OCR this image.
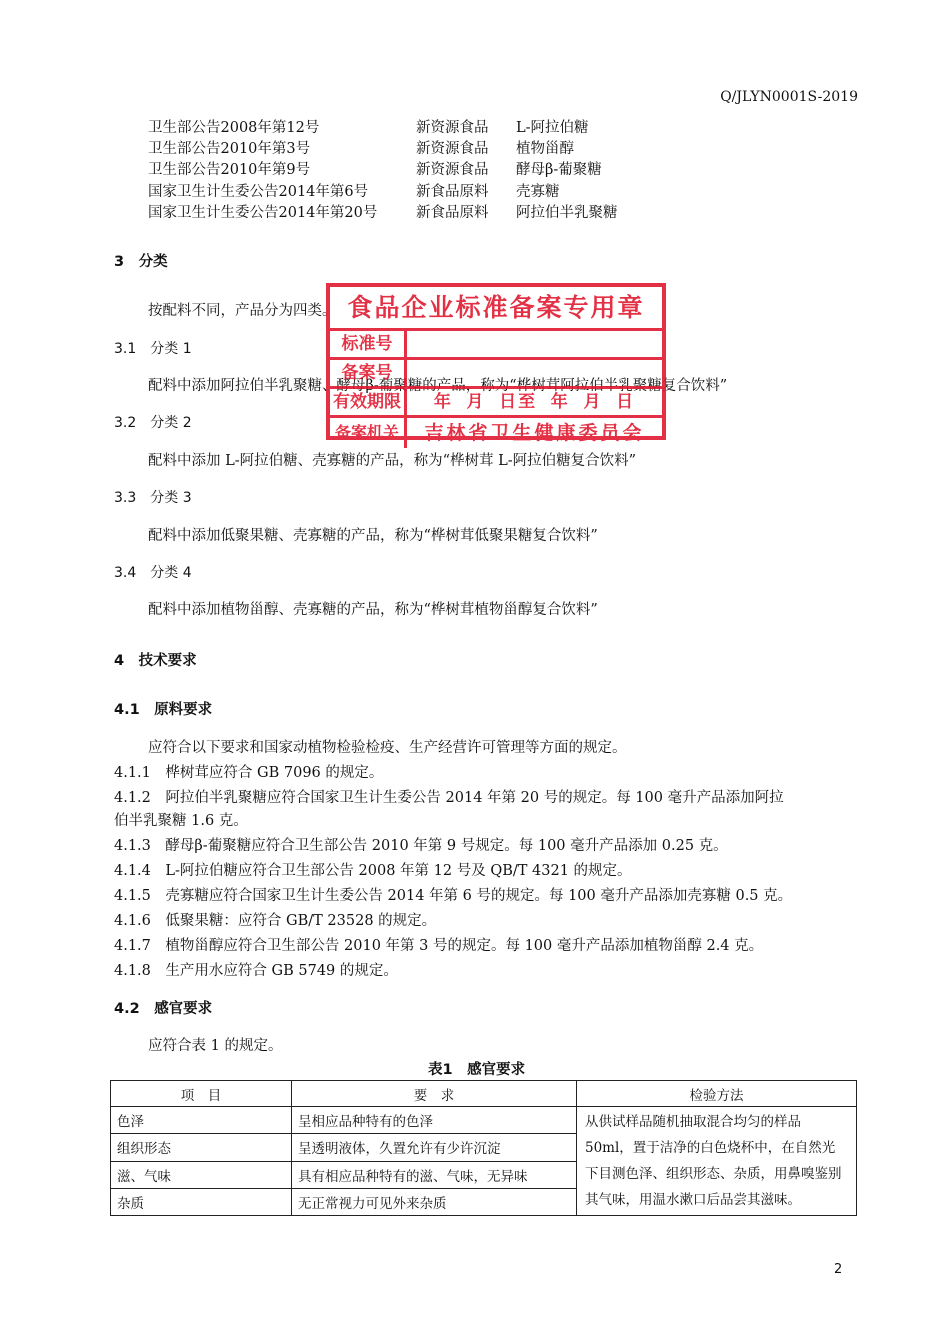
Q/JLYN0001S-2019
卫生部公告2008年第12号	新资源食品 L-阿拉伯糖
卫生部公告2010年第3号	新资源食品 植物甾醇
卫生部公告2010年第9号	新资源食品 酵母β-葡聚糖
国家卫生计生委公告2014年第6号	新食品原料 壳寡糖
国家卫生计生委公告2014年第20号	新食品原料 阿拉伯半乳聚糖
3　 分类
按配料不同，产品分为四类。
3.1　 分类 1
配料中添加阿拉伯半乳聚糖、酵母β-葡聚糖的产品，称为“桦树茸阿拉伯半乳聚糖复合饮料”
3.2　 分类 2
配料中添加 L-阿拉伯糖、壳寡糖的产品，称为“桦树茸 L-阿拉伯糖复合饮料”
3.3　 分类 3
配料中添加低聚果糖、壳寡糖的产品，称为“桦树茸低聚果糖复合饮料”
3.4　 分类 4
配料中添加植物甾醇、壳寡糖的产品，称为“桦树茸植物甾醇复合饮料”
4　 技术要求
4.1　 原料要求
应符合以下要求和国家动植物检验检疫、生产经营许可管理等方面的规定。
4.1.1　 桦树茸应符合 GB 7096 的规定。
4.1.2　 阿拉伯半乳聚糖应符合国家卫生计生委公告 2014 年第 20 号的规定。每 100 毫升产品添加阿拉
伯半乳聚糖 1.6 克。
4.1.3　 酵母β-葡聚糖应符合卫生部公告 2010 年第 9 号规定。每 100 毫升产品添加 0.25 克。
4.1.4　 L-阿拉伯糖应符合卫生部公告 2008 年第 12 号及 QB/T 4321 的规定。
4.1.5　 壳寡糖应符合国家卫生计生委公告 2014 年第 6 号的规定。每 100 毫升产品添加壳寡糖 0.5 克。
4.1.6　 低聚果糖：应符合 GB/T 23528 的规定。
4.1.7　 植物甾醇应符合卫生部公告 2010 年第 3 号的规定。每 100 毫升产品添加植物甾醇 2.4 克。
4.1.8　 生产用水应符合 GB 5749 的规定。
4.2　 感官要求
应符合表 1 的规定。
表1　感官要求
项　目	要　求	检验方法
色泽	呈相应品种特有的色泽	从供试样品随机抽取混合均匀的样品50ml，置于洁净的白色烧杯中，在自然光下目测色泽、组织形态、杂质，用鼻嗅鉴别其气味，用温水漱口后品尝其滋味。
组织形态	呈透明液体，久置允许有少许沉淀	
滋、气味	具有相应品种特有的滋、气味，无异味	
杂质	无正常视力可见外来杂质	
食品企业标准备案专用章
标准号
备案号
有效期限	年 月 日至 年 月 日
备案机关	吉林省卫生健康委员会
2
